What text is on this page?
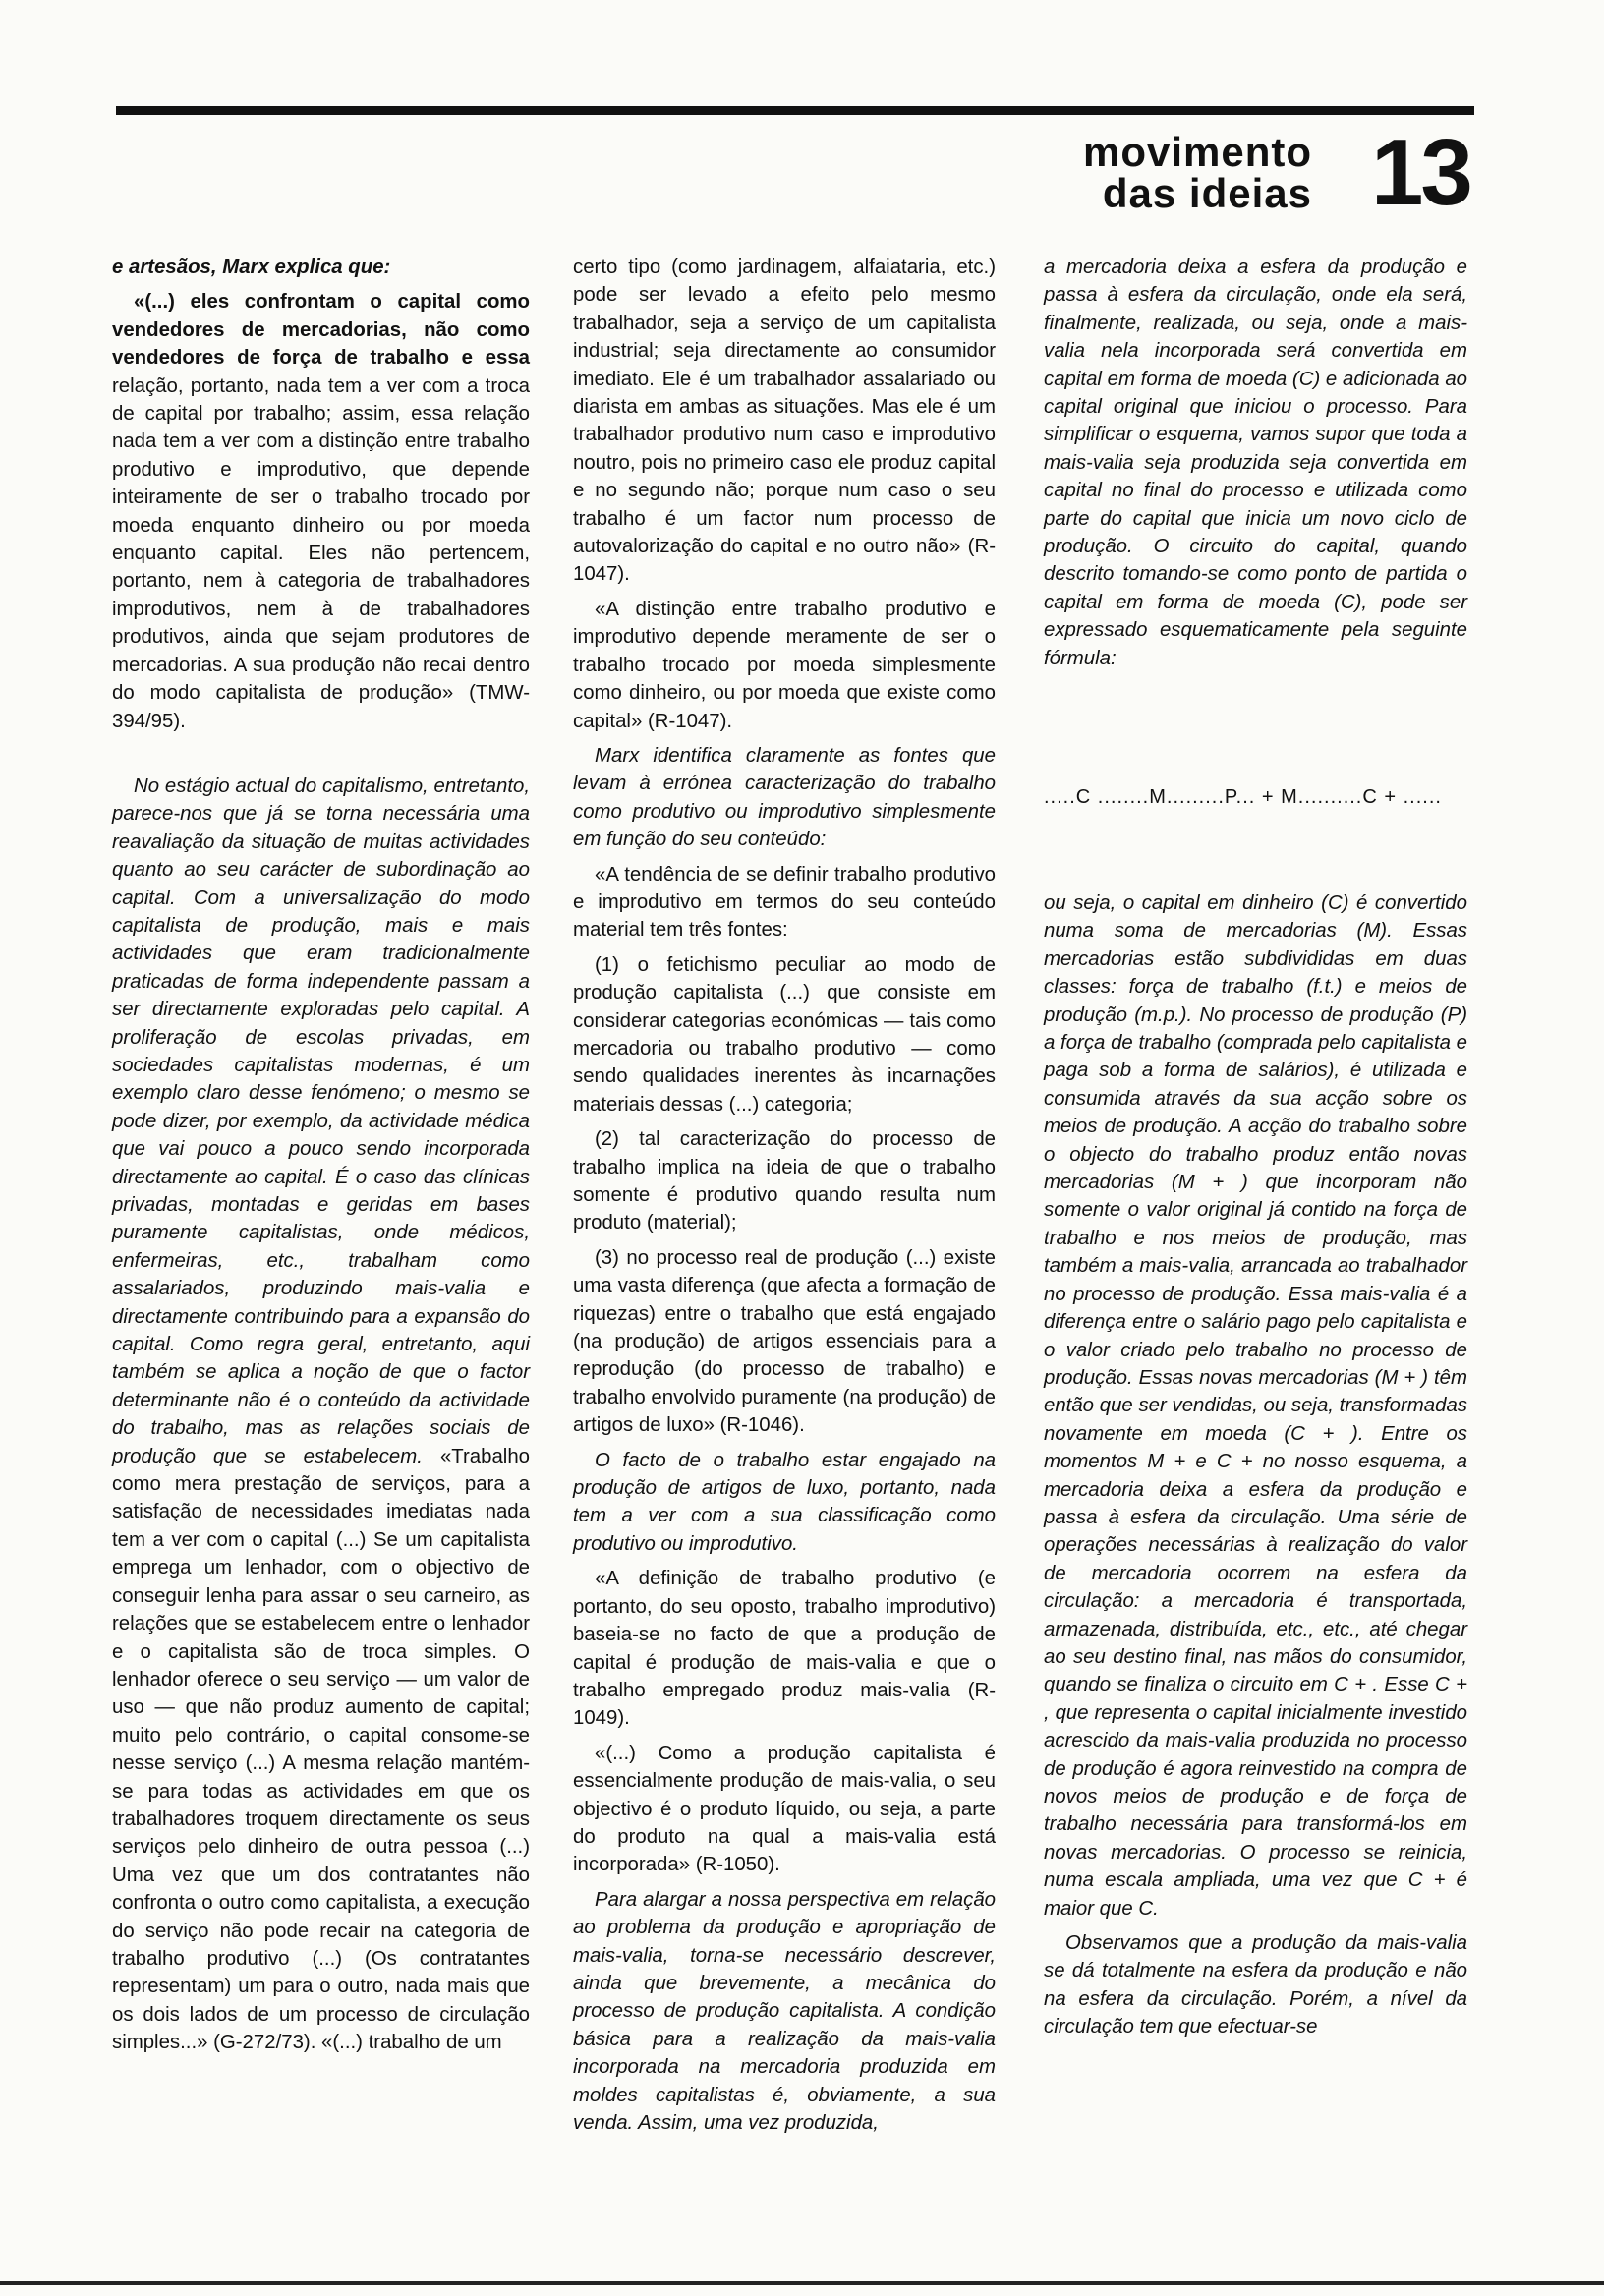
movimento
das ideias 13

e artesãos, Marx explica que:

«(...) eles confrontam o capital como vendedores de mercadorias, não como vendedores de força de trabalho e essa relação, portanto, nada tem a ver com a troca de capital por trabalho; assim, essa relação nada tem a ver com a distinção entre trabalho produtivo e improdutivo, que depende inteiramente de ser o trabalho trocado por moeda enquanto dinheiro ou por moeda enquanto capital. Eles não pertencem, portanto, nem à categoria de trabalhadores improdutivos, nem à de trabalhadores produtivos, ainda que sejam produtores de mercadorias. A sua produção não recai dentro do modo capitalista de produção» (TMW-394/95).

No estágio actual do capitalismo, entretanto, parece-nos que já se torna necessária uma reavaliação da situação de muitas actividades quanto ao seu carácter de subordinação ao capital. Com a universalização do modo capitalista de produção, mais e mais actividades que eram tradicionalmente praticadas de forma independente passam a ser directamente exploradas pelo capital. A proliferação de escolas privadas, em sociedades capitalistas modernas, é um exemplo claro desse fenómeno; o mesmo se pode dizer, por exemplo, da actividade médica que vai pouco a pouco sendo incorporada directamente ao capital. É o caso das clínicas privadas, montadas e geridas em bases puramente capitalistas, onde médicos, enfermeiras, etc., trabalham como assalariados, produzindo mais-valia e directamente contribuindo para a expansão do capital. Como regra geral, entretanto, aqui também se aplica a noção de que o factor determinante não é o conteúdo da actividade do trabalho, mas as relações sociais de produção que se estabelecem. «Trabalho como mera prestação de serviços, para a satisfação de necessidades imediatas nada tem a ver com o capital (...) Se um capitalista emprega um lenhador, com o objectivo de conseguir lenha para assar o seu carneiro, as relações que se estabelecem entre o lenhador e o capitalista são de troca simples. O lenhador oferece o seu serviço — um valor de uso — que não produz aumento de capital; muito pelo contrário, o capital consome-se nesse serviço (...) A mesma relação mantém-se para todas as actividades em que os trabalhadores troquem directamente os seus serviços pelo dinheiro de outra pessoa (...) Uma vez que um dos contratantes não confronta o outro como capitalista, a execução do serviço não pode recair na categoria de trabalho produtivo (...) (Os contratantes representam) um para o outro, nada mais que os dois lados de um processo de circulação simples...» (G-272/73). «(...) trabalho de um

certo tipo (como jardinagem, alfaiataria, etc.) pode ser levado a efeito pelo mesmo trabalhador, seja a serviço de um capitalista industrial; seja directamente ao consumidor imediato. Ele é um trabalhador assalariado ou diarista em ambas as situações. Mas ele é um trabalhador produtivo num caso e improdutivo noutro, pois no primeiro caso ele produz capital e no segundo não; porque num caso o seu trabalho é um factor num processo de autovalorização do capital e no outro não» (R-1047).

«A distinção entre trabalho produtivo e improdutivo depende meramente de ser o trabalho trocado por moeda simplesmente como dinheiro, ou por moeda que existe como capital» (R-1047).

Marx identifica claramente as fontes que levam à errónea caracterização do trabalho como produtivo ou improdutivo simplesmente em função do seu conteúdo:

«A tendência de se definir trabalho produtivo e improdutivo em termos do seu conteúdo material tem três fontes:

(1) o fetichismo peculiar ao modo de produção capitalista (...) que consiste em considerar categorias económicas — tais como mercadoria ou trabalho produtivo — como sendo qualidades inerentes às incarnações materiais dessas (...) categoria;

(2) tal caracterização do processo de trabalho implica na ideia de que o trabalho somente é produtivo quando resulta num produto (material);

(3) no processo real de produção (...) existe uma vasta diferença (que afecta a formação de riquezas) entre o trabalho que está engajado (na produção) de artigos essenciais para a reprodução (do processo de trabalho) e trabalho envolvido puramente (na produção) de artigos de luxo» (R-1046).

O facto de o trabalho estar engajado na produção de artigos de luxo, portanto, nada tem a ver com a sua classificação como produtivo ou improdutivo.

«A definição de trabalho produtivo (e portanto, do seu oposto, trabalho improdutivo) baseia-se no facto de que a produção de capital é produção de mais-valia e que o trabalho empregado produz mais-valia (R-1049).

«(...) Como a produção capitalista é essencialmente produção de mais-valia, o seu objectivo é o produto líquido, ou seja, a parte do produto na qual a mais-valia está incorporada» (R-1050).

Para alargar a nossa perspectiva em relação ao problema da produção e apropriação de mais-valia, torna-se necessário descrever, ainda que brevemente, a mecânica do processo de produção capitalista. A condição básica para a realização da mais-valia incorporada na mercadoria produzida em moldes capitalistas é, obviamente, a sua venda. Assim, uma vez produzida,

a mercadoria deixa a esfera da produção e passa à esfera da circulação, onde ela será, finalmente, realizada, ou seja, onde a mais-valia nela incorporada será convertida em capital em forma de moeda (C) e adicionada ao capital original que iniciou o processo. Para simplificar o esquema, vamos supor que toda a mais-valia seja produzida seja convertida em capital no final do processo e utilizada como parte do capital que inicia um novo ciclo de produção. O circuito do capital, quando descrito tomando-se como ponto de partida o capital em forma de moeda (C), pode ser expressado esquematicamente pela seguinte fórmula:

.....C ........M.........P... + M..........C + ......

ou seja, o capital em dinheiro (C) é convertido numa soma de mercadorias (M). Essas mercadorias estão subdivididas em duas classes: força de trabalho (f.t.) e meios de produção (m.p.). No processo de produção (P) a força de trabalho (comprada pelo capitalista e paga sob a forma de salários), é utilizada e consumida através da sua acção sobre os meios de produção. A acção do trabalho sobre o objecto do trabalho produz então novas mercadorias (M + ) que incorporam não somente o valor original já contido na força de trabalho e nos meios de produção, mas também a mais-valia, arrancada ao trabalhador no processo de produção. Essa mais-valia é a diferença entre o salário pago pelo capitalista e o valor criado pelo trabalho no processo de produção. Essas novas mercadorias (M + ) têm então que ser vendidas, ou seja, transformadas novamente em moeda (C + ). Entre os momentos M + e C + no nosso esquema, a mercadoria deixa a esfera da produção e passa à esfera da circulação. Uma série de operações necessárias à realização do valor de mercadoria ocorrem na esfera da circulação: a mercadoria é transportada, armazenada, distribuída, etc., etc., até chegar ao seu destino final, nas mãos do consumidor, quando se finaliza o circuito em C + . Esse C + , que representa o capital inicialmente investido acrescido da mais-valia produzida no processo de produção é agora reinvestido na compra de novos meios de produção e de força de trabalho necessária para transformá-los em novas mercadorias. O processo se reinicia, numa escala ampliada, uma vez que C + é maior que C.

Observamos que a produção da mais-valia se dá totalmente na esfera da produção e não na esfera da circulação. Porém, a nível da circulação tem que efectuar-se
